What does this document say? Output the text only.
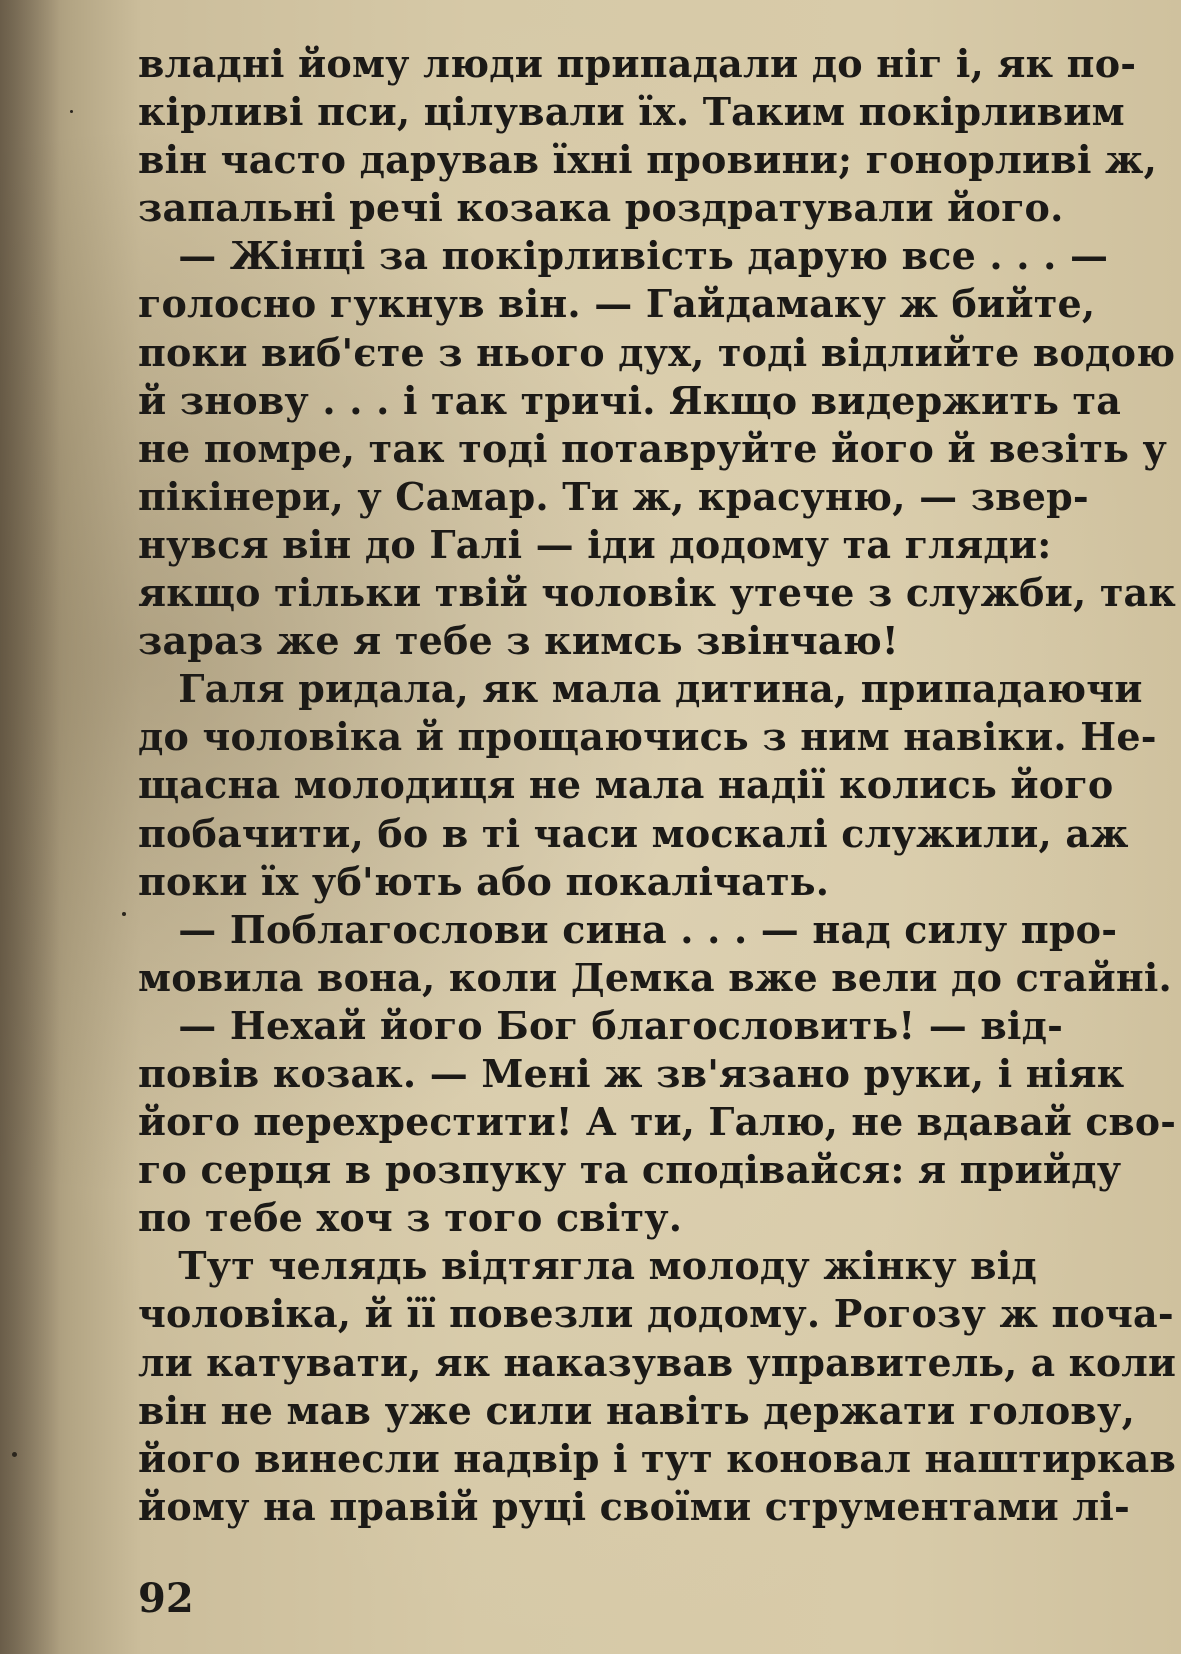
владні йому люди припадали до ніг і, як по-
кірливі пси, цілували їх. Таким покірливим
він часто дарував їхні провини; гонорливі ж,
запальні речі козака роздратували його.
— Жінці за покірливість дарую все . . . —
голосно гукнув він. — Гайдамаку ж бийте,
поки виб'єте з нього дух, тоді відлийте водою
й знову . . . і так тричі. Якщо видержить та
не помре, так тоді потавруйте його й везіть у
пікінери, у Самар. Ти ж, красуню, — звер-
нувся він до Галі — іди додому та гляди:
якщо тільки твій чоловік утече з служби, так
зараз же я тебе з кимсь звінчаю!
Галя ридала, як мала дитина, припадаючи
до чоловіка й прощаючись з ним навіки. Не-
щасна молодиця не мала надії колись його
побачити, бо в ті часи москалі служили, аж
поки їх уб'ють або покалічать.
— Поблагослови сина . . . — над силу про-
мовила вона, коли Демка вже вели до стайні.
— Нехай його Бог благословить! — від-
повів козак. — Мені ж зв'язано руки, і ніяк
його перехрестити! А ти, Галю, не вдавай сво-
го серця в розпуку та сподівайся: я прийду
по тебе хоч з того світу.
Тут челядь відтягла молоду жінку від
чоловіка, й її повезли додому. Рогозу ж поча-
ли катувати, як наказував управитель, а коли
він не мав уже сили навіть держати голову,
його винесли надвір і тут коновал наштиркав
йому на правій руці своїми струментами лі-
92
